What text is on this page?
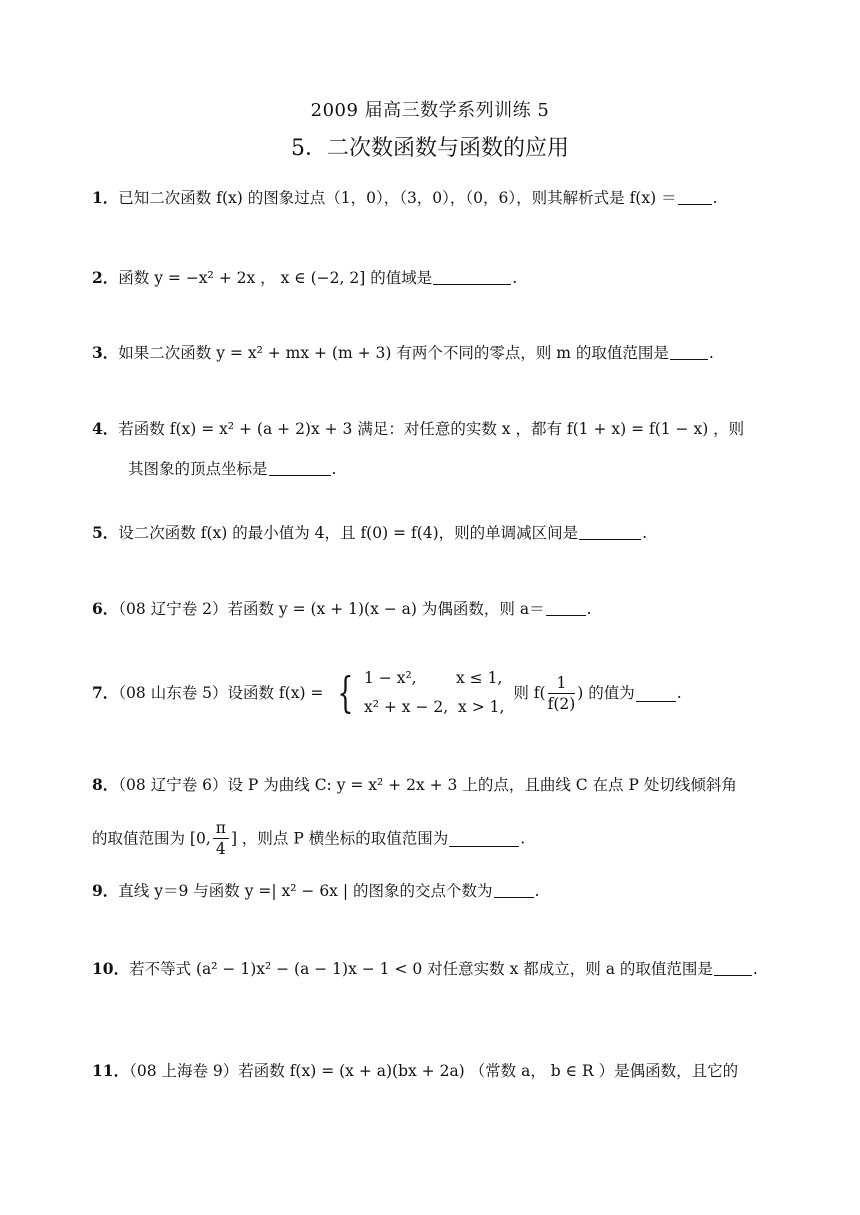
2009 届高三数学系列训练 5
5．二次数函数与函数的应用
1．已知二次函数 f(x) 的图象过点（1，0），（3，0），（0，6），则其解析式是 f(x) ＝ .
2．函数 y = −x² + 2x ， x ∈ (−2, 2] 的值域是	.
3．如果二次函数 y = x² + mx + (m + 3) 有两个不同的零点，则 m 的取值范围是	.
4．若函数 f(x) = x² + (a + 2)x + 3 满足：对任意的实数 x ，都有 f(1 + x) = f(1 − x) ，则
其图象的顶点坐标是	.
5．设二次函数 f(x) 的最小值为 4，且 f(0) = f(4)，则的单调减区间是	.
6．（08 辽宁卷 2）若函数 y = (x + 1)(x − a) 为偶函数，则 a＝	.
7．（08 山东卷 5）设函数 f(x) = { 1 − x²,        x ≤ 1,
x² + x − 2,  x > 1,
则 $f( \frac{1}{f(2)}$ ) 的值为	.
8．（08 辽宁卷 6）设 P 为曲线 C: y = x² + 2x + 3 上的点，且曲线 C 在点 P 处切线倾斜角
的取值范围为 [0, $\frac{\pi}{4}$ ] ，则点 P 横坐标的取值范围为	.
9．直线 y＝9 与函数 y =| x² − 6x | 的图象的交点个数为	.
10．若不等式 (a² − 1)x² − (a − 1)x − 1 < 0 对任意实数 x 都成立，则 a 的取值范围是	.
11．（08 上海卷 9）若函数 f(x) = (x + a)(bx + 2a) （常数 a， b ∈ R ）是偶函数，且它的
